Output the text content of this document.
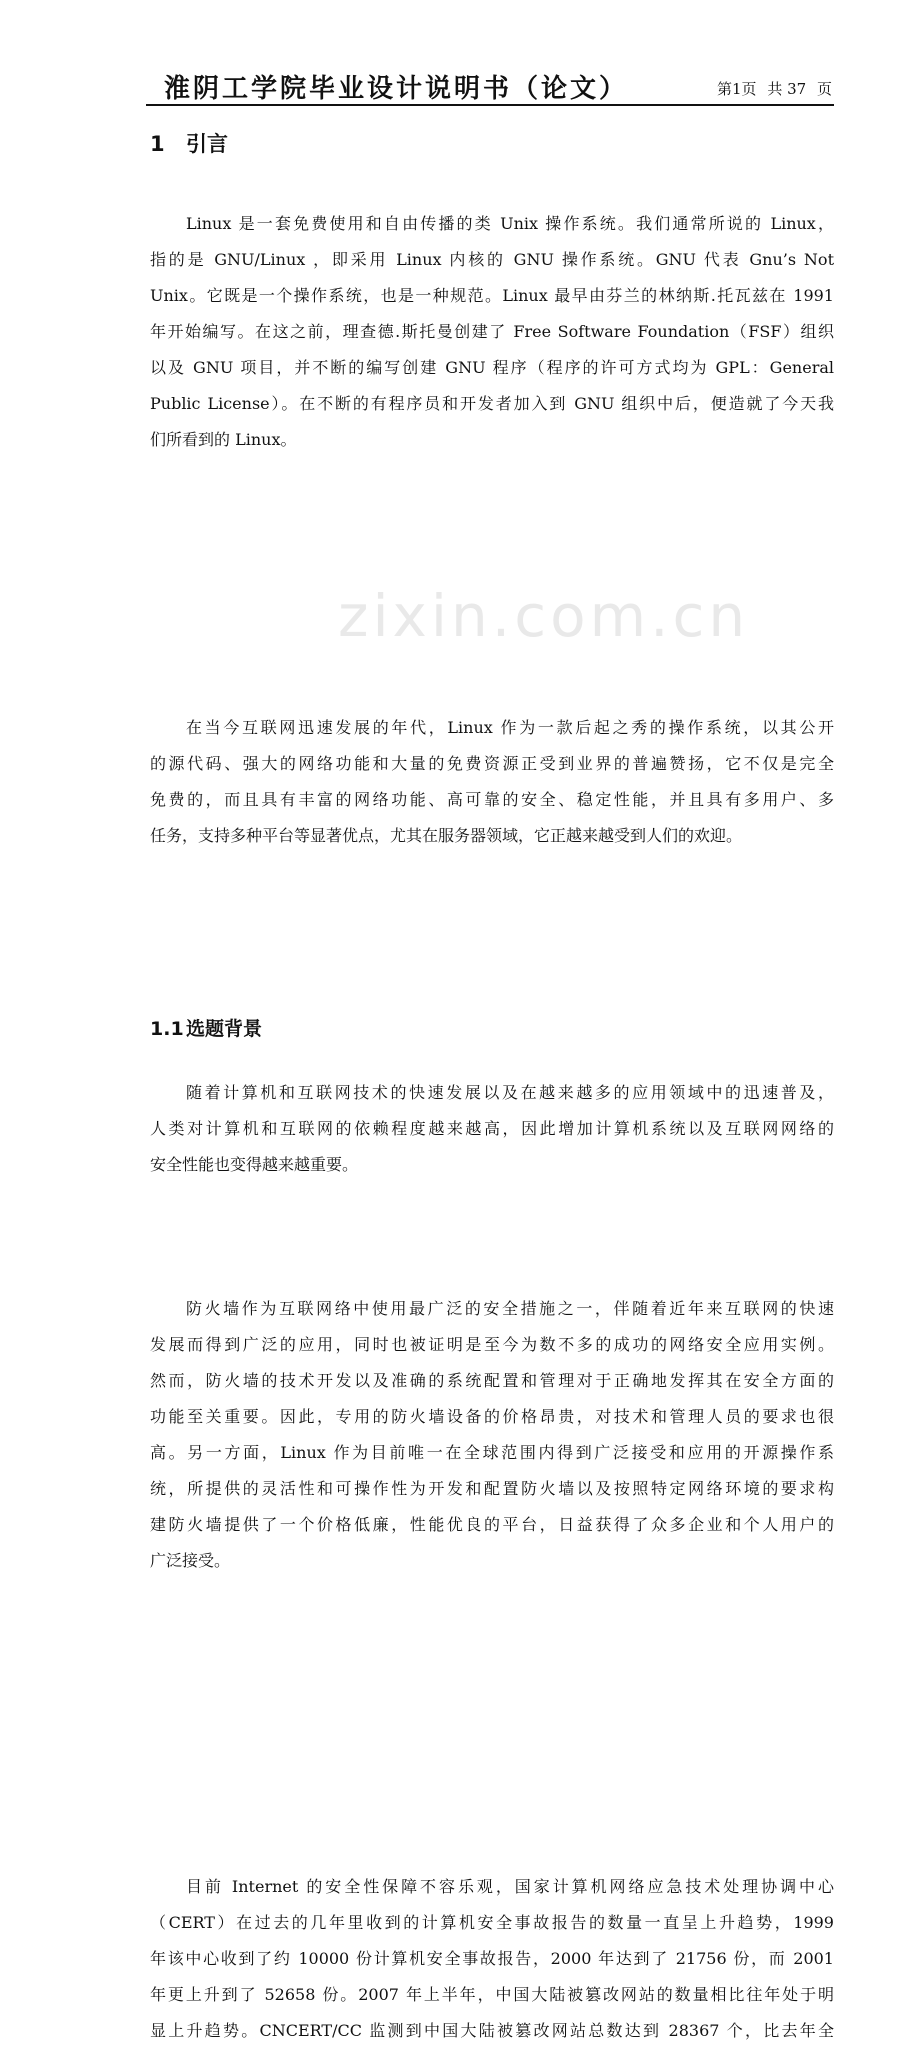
淮阴工学院毕业设计说明书（论文）	第1页 共 37 页
zixin.com.cn
1 引言
Linux 是一套免费使用和自由传播的类 Unix 操作系统。我们通常所说的 Linux，
指的是 GNU/Linux ，即采用 Linux 内核的 GNU 操作系统。GNU 代表 Gnu’s Not
Unix。它既是一个操作系统，也是一种规范。Linux 最早由芬兰的林纳斯.托瓦兹在 1991
年开始编写。在这之前，理查德.斯托曼创建了 Free Software Foundation（FSF）组织
以及 GNU 项目，并不断的编写创建 GNU 程序（程序的许可方式均为 GPL：General
Public License）。在不断的有程序员和开发者加入到 GNU 组织中后，便造就了今天我
们所看到的 Linux。
在当今互联网迅速发展的年代，Linux 作为一款后起之秀的操作系统，以其公开
的源代码、强大的网络功能和大量的免费资源正受到业界的普遍赞扬，它不仅是完全
免费的，而且具有丰富的网络功能、高可靠的安全、稳定性能，并且具有多用户、多
任务，支持多种平台等显著优点，尤其在服务器领域，它正越来越受到人们的欢迎。
1.1 选题背景
随着计算机和互联网技术的快速发展以及在越来越多的应用领域中的迅速普及，
人类对计算机和互联网的依赖程度越来越高，因此增加计算机系统以及互联网网络的
安全性能也变得越来越重要。
防火墙作为互联网络中使用最广泛的安全措施之一，伴随着近年来互联网的快速
发展而得到广泛的应用，同时也被证明是至今为数不多的成功的网络安全应用实例。
然而，防火墙的技术开发以及准确的系统配置和管理对于正确地发挥其在安全方面的
功能至关重要。因此，专用的防火墙设备的价格昂贵，对技术和管理人员的要求也很
高。另一方面，Linux 作为目前唯一在全球范围内得到广泛接受和应用的开源操作系
统，所提供的灵活性和可操作性为开发和配置防火墙以及按照特定网络环境的要求构
建防火墙提供了一个价格低廉，性能优良的平台，日益获得了众多企业和个人用户的
广泛接受。
目前 Internet 的安全性保障不容乐观，国家计算机网络应急技术处理协调中心
（CERT）在过去的几年里收到的计算机安全事故报告的数量一直呈上升趋势，1999
年该中心收到了约 10000 份计算机安全事故报告，2000 年达到了 21756 份，而 2001
年更上升到了 52658 份。2007 年上半年，中国大陆被篡改网站的数量相比往年处于明
显上升趋势。CNCERT/CC 监测到中国大陆被篡改网站总数达到 28367 个，比去年全
